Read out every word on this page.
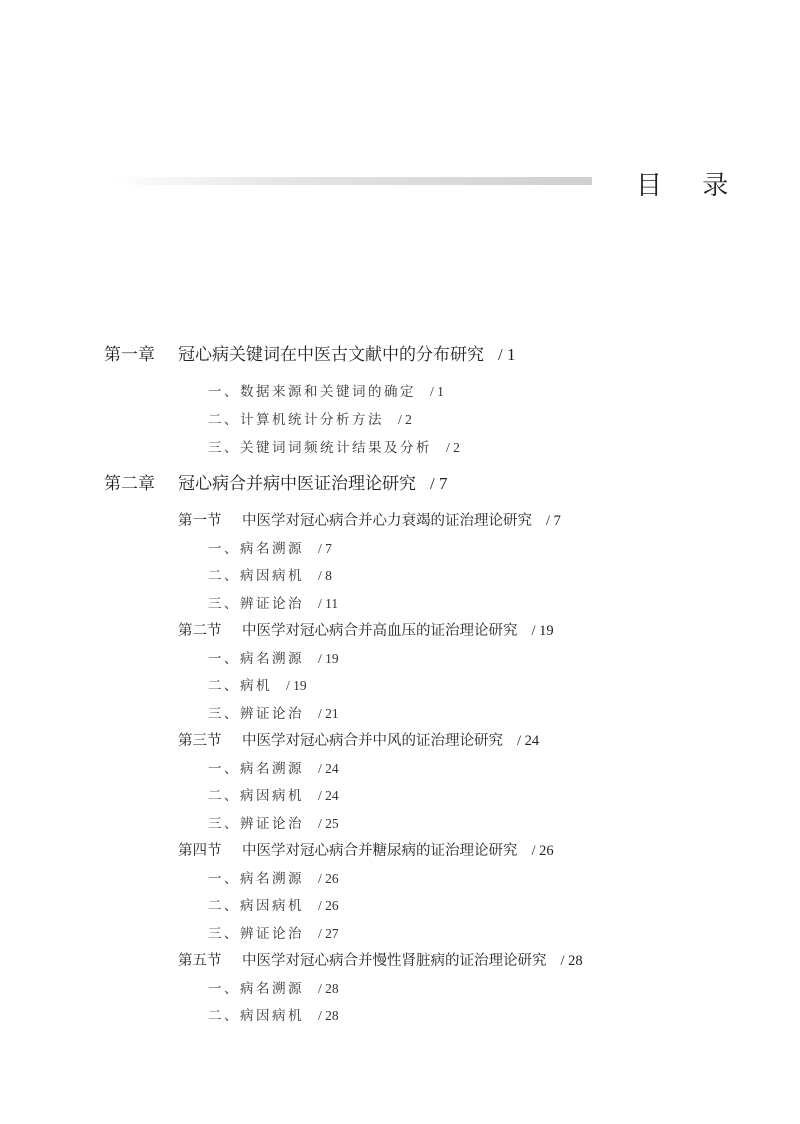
目 录
第一章 冠心病关键词在中医古文献中的分布研究 / 1
一、数据来源和关键词的确定 / 1
二、计算机统计分析方法 / 2
三、关键词词频统计结果及分析 / 2
第二章 冠心病合并病中医证治理论研究 / 7
第一节 中医学对冠心病合并心力衰竭的证治理论研究 / 7
一、病名溯源 / 7
二、病因病机 / 8
三、辨证论治 / 11
第二节 中医学对冠心病合并高血压的证治理论研究 / 19
一、病名溯源 / 19
二、病机 / 19
三、辨证论治 / 21
第三节 中医学对冠心病合并中风的证治理论研究 / 24
一、病名溯源 / 24
二、病因病机 / 24
三、辨证论治 / 25
第四节 中医学对冠心病合并糖尿病的证治理论研究 / 26
一、病名溯源 / 26
二、病因病机 / 26
三、辨证论治 / 27
第五节 中医学对冠心病合并慢性肾脏病的证治理论研究 / 28
一、病名溯源 / 28
二、病因病机 / 28
